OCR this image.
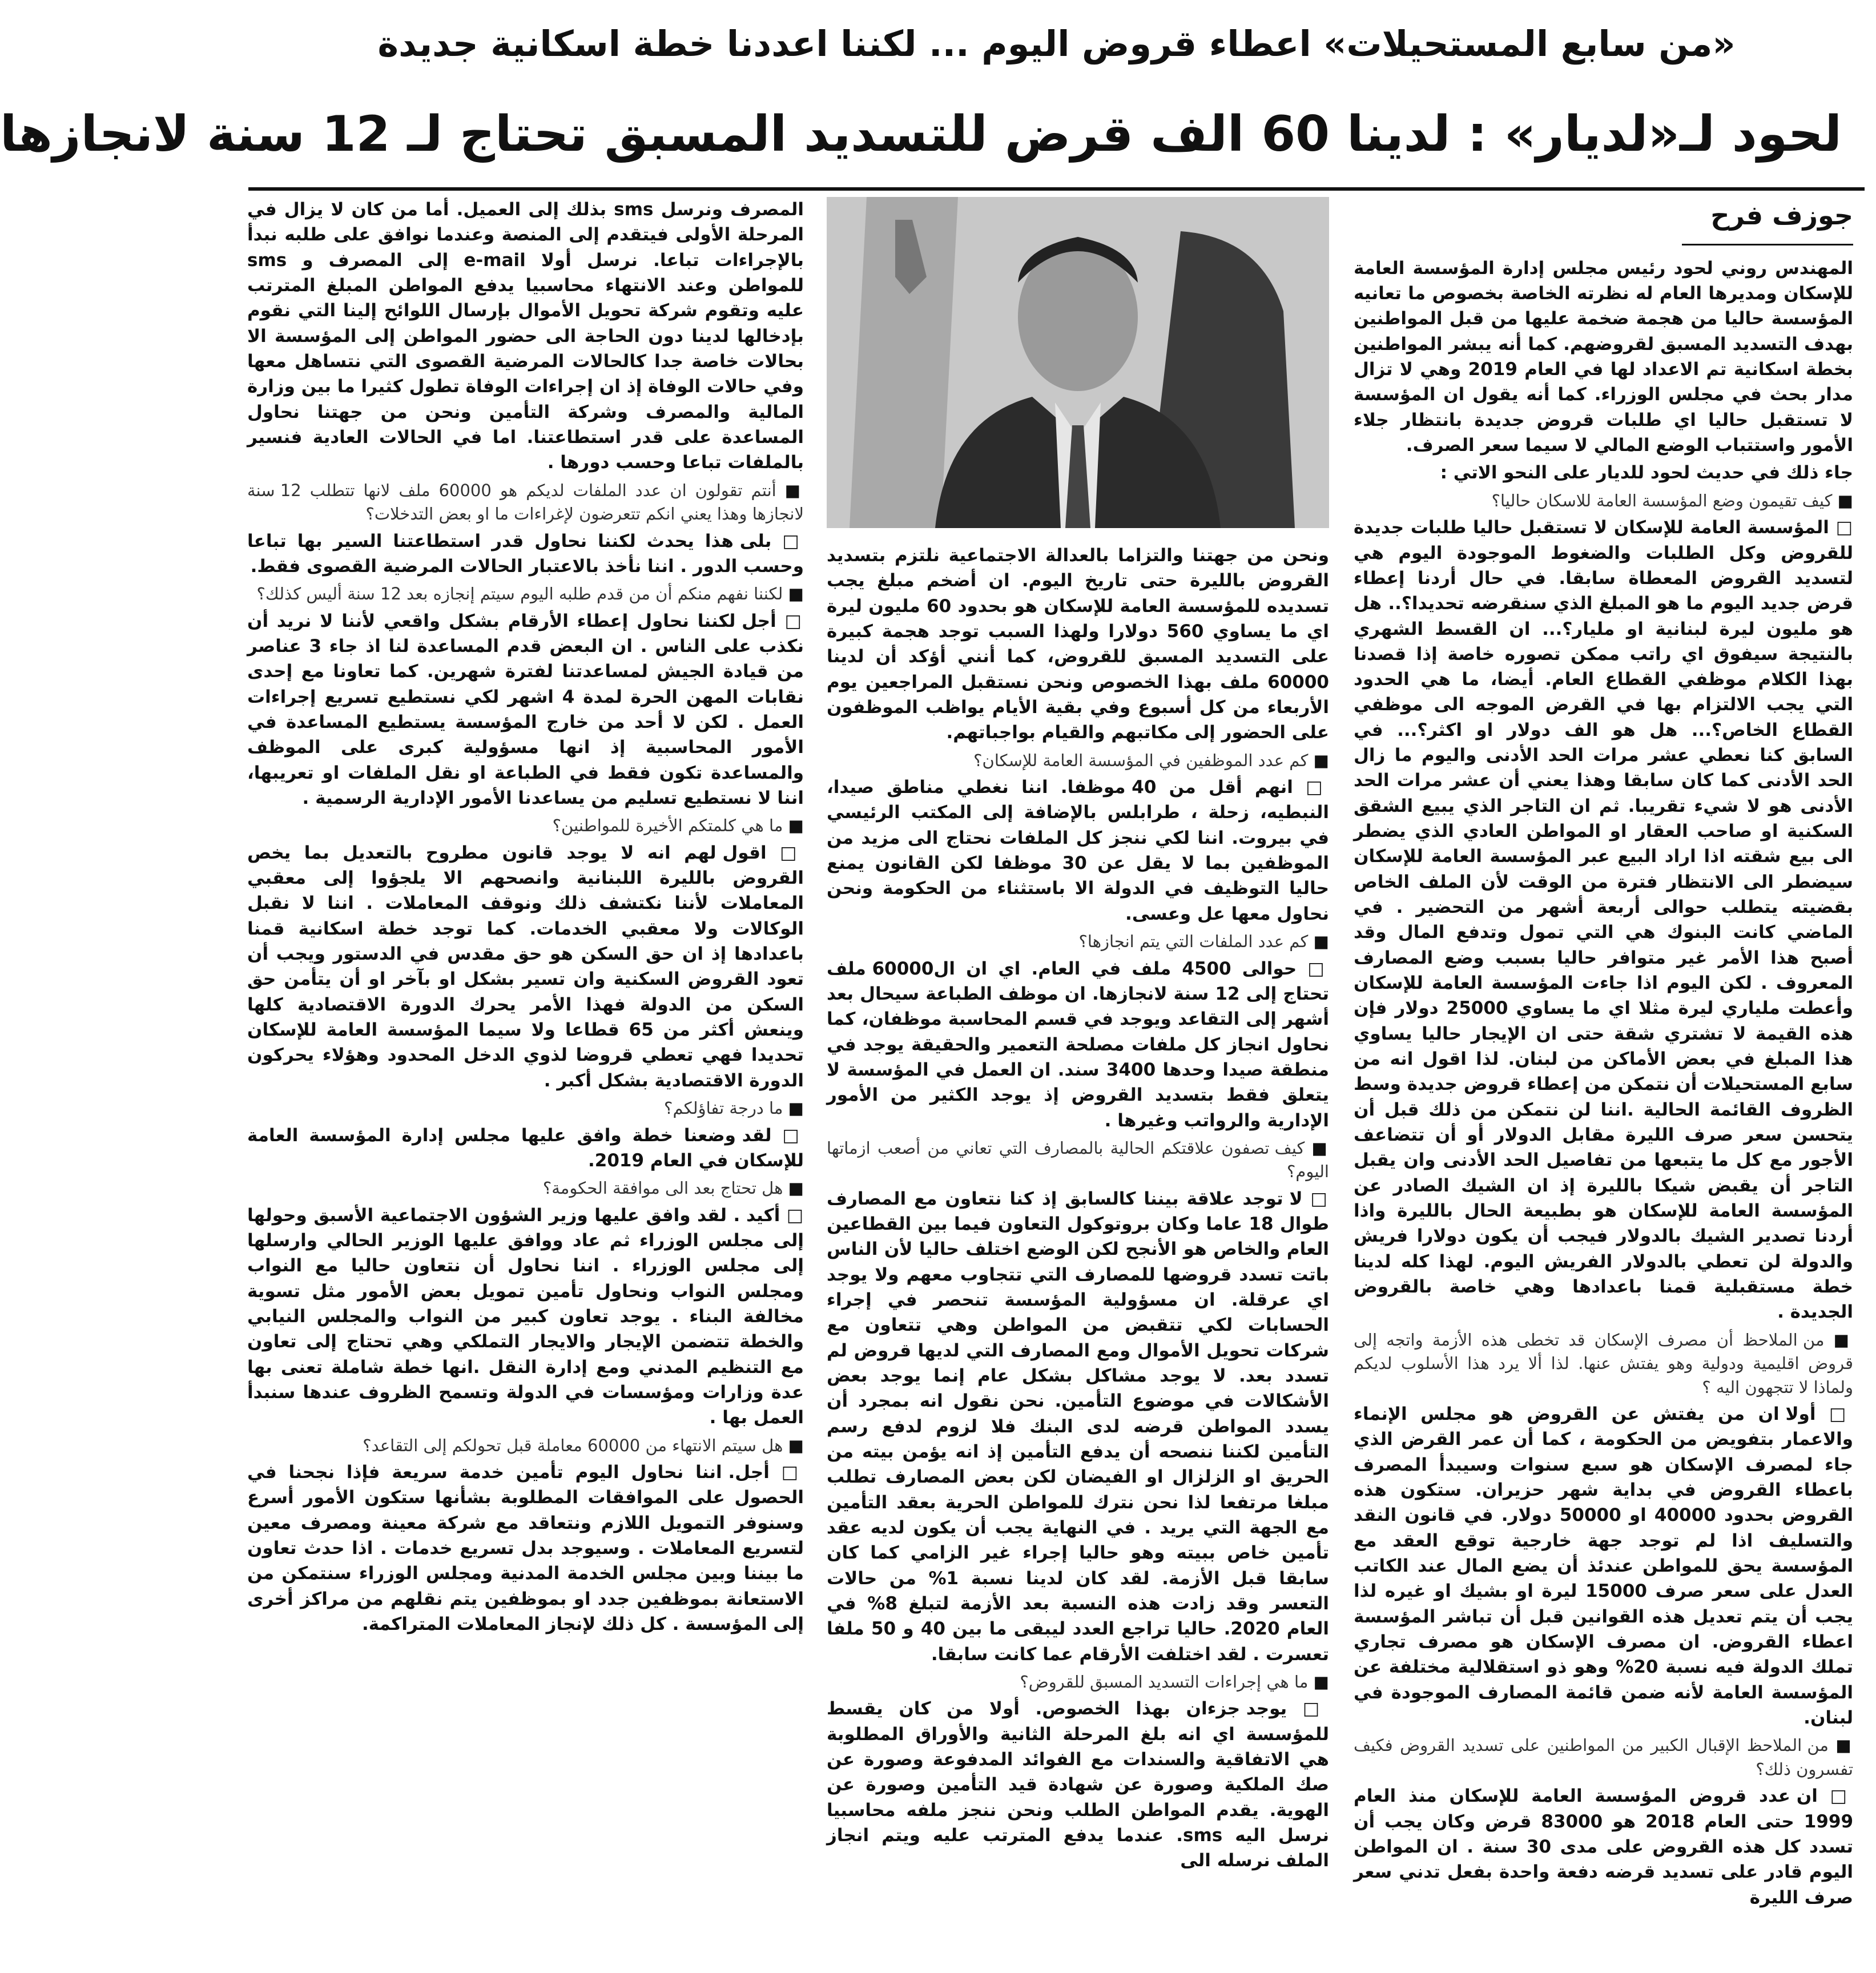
«من سابع المستحيلات» اعطاء قروض اليوم ... لكننا اعددنا خطة اسكانية جديدة
لحود لـ«لديار» : لدينا 60 الف قرض للتسديد المسبق تحتاج لـ 12 سنة لانجازها
جوزف فرح
المهندس روني لحود رئيس مجلس إدارة المؤسسة العامة للإسكان ومديرها العام له نظرته الخاصة بخصوص ما تعانيه المؤسسة حاليا من هجمة ضخمة عليها من قبل المواطنين بهدف التسديد المسبق لقروضهم. كما أنه يبشر المواطنين بخطة اسكانية تم الاعداد لها في العام 2019 وهي لا تزال مدار بحث في مجلس الوزراء. كما أنه يقول ان المؤسسة لا تستقبل حاليا اي طلبات قروض جديدة بانتظار جلاء الأمور واستتباب الوضع المالي لا سيما سعر الصرف.
جاء ذلك في حديث لحود للديار على النحو الاتي :
■ كيف تقيمون وضع المؤسسة العامة للاسكان حاليا؟
□ المؤسسة العامة للإسكان لا تستقبل حاليا طلبات جديدة للقروض وكل الطلبات والضغوط الموجودة اليوم هي لتسديد القروض المعطاة سابقا. في حال أردنا إعطاء قرض جديد اليوم ما هو المبلغ الذي سنقرضه تحديدا؟.. هل هو مليون ليرة لبنانية او مليار؟... ان القسط الشهري بالنتيجة سيفوق اي راتب ممكن تصوره خاصة إذا قصدنا بهذا الكلام موظفي القطاع العام. أيضا، ما هي الحدود التي يجب الالتزام بها في القرض الموجه الى موظفي القطاع الخاص؟... هل هو الف دولار او اكثر؟... في السابق كنا نعطي عشر مرات الحد الأدنى واليوم ما زال الحد الأدنى كما كان سابقا وهذا يعني أن عشر مرات الحد الأدنى هو لا شيء تقريبا. ثم ان التاجر الذي يبيع الشقق السكنية او صاحب العقار او المواطن العادي الذي يضطر الى بيع شقته اذا اراد البيع عبر المؤسسة العامة للإسكان سيضطر الى الانتظار فترة من الوقت لأن الملف الخاص بقضيته يتطلب حوالى أربعة أشهر من التحضير . في الماضي كانت البنوك هي التي تمول وتدفع المال وقد أصبح هذا الأمر غير متوافر حاليا بسبب وضع المصارف المعروف . لكن اليوم اذا جاءت المؤسسة العامة للإسكان وأعطت ملياري ليرة مثلا اي ما يساوي 25000 دولار فإن هذه القيمة لا تشتري شقة حتى ان الإيجار حاليا يساوي هذا المبلغ في بعض الأماكن من لبنان. لذا اقول انه من سابع المستحيلات أن نتمكن من إعطاء قروض جديدة وسط الظروف القائمة الحالية .اننا لن نتمكن من ذلك قبل أن يتحسن سعر صرف الليرة مقابل الدولار أو أن تتضاعف الأجور مع كل ما يتبعها من تفاصيل الحد الأدنى وان يقبل التاجر أن يقبض شيكا بالليرة إذ ان الشيك الصادر عن المؤسسة العامة للإسكان هو بطبيعة الحال بالليرة واذا أردنا تصدير الشيك بالدولار فيجب أن يكون دولارا فريش والدولة لن تعطي بالدولار الفريش اليوم. لهذا كله لدينا خطة مستقبلية قمنا باعدادها وهي خاصة بالقروض الجديدة .
■ من الملاحظ أن مصرف الإسكان قد تخطى هذه الأزمة واتجه إلى قروض اقليمية ودولية وهو يفتش عنها. لذا ألا يرد هذا الأسلوب لديكم ولماذا لا تتجهون اليه ؟
□ أولا ان من يفتش عن القروض هو مجلس الإنماء والاعمار بتفويض من الحكومة ، كما أن عمر القرض الذي جاء لمصرف الإسكان هو سبع سنوات وسيبدأ المصرف باعطاء القروض في بداية شهر حزيران. ستكون هذه القروض بحدود 40000 او 50000 دولار. في قانون النقد والتسليف اذا لم توجد جهة خارجية توقع العقد مع المؤسسة يحق للمواطن عندئذ أن يضع المال عند الكاتب العدل على سعر صرف 15000 ليرة او بشيك او غيره لذا يجب أن يتم تعديل هذه القوانين قبل أن تباشر المؤسسة اعطاء القروض. ان مصرف الإسكان هو مصرف تجاري تملك الدولة فيه نسبة 20% وهو ذو استقلالية مختلفة عن المؤسسة العامة لأنه ضمن قائمة المصارف الموجودة في لبنان.
■ من الملاحظ الإقبال الكبير من المواطنين على تسديد القروض فكيف تفسرون ذلك؟
□ ان عدد قروض المؤسسة العامة للإسكان منذ العام 1999 حتى العام 2018 هو 83000 قرض وكان يجب أن تسدد كل هذه القروض على مدى 30 سنة . ان المواطن اليوم قادر على تسديد قرضه دفعة واحدة بفعل تدني سعر صرف الليرة
ونحن من جهتنا والتزاما بالعدالة الاجتماعية نلتزم بتسديد القروض بالليرة حتى تاريخ اليوم. ان أضخم مبلغ يجب تسديده للمؤسسة العامة للإسكان هو بحدود 60 مليون ليرة اي ما يساوي 560 دولارا ولهذا السبب توجد هجمة كبيرة على التسديد المسبق للقروض، كما أنني أؤكد أن لدينا 60000 ملف بهذا الخصوص ونحن نستقبل المراجعين يوم الأربعاء من كل أسبوع وفي بقية الأيام يواظب الموظفون على الحضور إلى مكاتبهم والقيام بواجباتهم.
■ كم عدد الموظفين في المؤسسة العامة للإسكان؟
□ انهم أقل من 40 موظفا. اننا نغطي مناطق صيدا، النبطيه، زحلة ، طرابلس بالإضافة إلى المكتب الرئيسي في بيروت. اننا لكي ننجز كل الملفات نحتاج الى مزيد من الموظفين بما لا يقل عن 30 موظفا لكن القانون يمنع حاليا التوظيف في الدولة الا باستثناء من الحكومة ونحن نحاول معها عل وعسى.
■ كم عدد الملفات التي يتم انجازها؟
□ حوالى 4500 ملف في العام. اي ان ال60000 ملف تحتاج إلى 12 سنة لانجازها. ان موظف الطباعة سيحال بعد أشهر إلى التقاعد ويوجد في قسم المحاسبة موظفان، كما نحاول انجاز كل ملفات مصلحة التعمير والحقيقة يوجد في منطقة صيدا وحدها 3400 سند. ان العمل في المؤسسة لا يتعلق فقط بتسديد القروض إذ يوجد الكثير من الأمور الإدارية والرواتب وغيرها .
■ كيف تصفون علاقتكم الحالية بالمصارف التي تعاني من أصعب ازماتها اليوم؟
□ لا توجد علاقة بيننا كالسابق إذ كنا نتعاون مع المصارف طوال 18 عاما وكان بروتوكول التعاون فيما بين القطاعين العام والخاص هو الأنجح لكن الوضع اختلف حاليا لأن الناس باتت تسدد قروضها للمصارف التي تتجاوب معهم ولا يوجد اي عرقلة. ان مسؤولية المؤسسة تنحصر في إجراء الحسابات لكي تتقبض من المواطن وهي تتعاون مع شركات تحويل الأموال ومع المصارف التي لديها قروض لم تسدد بعد. لا يوجد مشاكل بشكل عام إنما يوجد بعض الأشكالات في موضوع التأمين. نحن نقول انه بمجرد أن يسدد المواطن قرضه لدى البنك فلا لزوم لدفع رسم التأمين لكننا ننصحه أن يدفع التأمين إذ انه يؤمن بيته من الحريق او الزلزال او الفيضان لكن بعض المصارف تطلب مبلغا مرتفعا لذا نحن نترك للمواطن الحرية بعقد التأمين مع الجهة التي يريد . في النهاية يجب أن يكون لديه عقد تأمين خاص ببيته وهو حاليا إجراء غير الزامي كما كان سابقا قبل الأزمة. لقد كان لدينا نسبة 1% من حالات التعسر وقد زادت هذه النسبة بعد الأزمة لتبلغ 8% في العام 2020. حاليا تراجع العدد ليبقى ما بين 40 و 50 ملفا تعسرت . لقد اختلفت الأرقام عما كانت سابقا.
■ ما هي إجراءات التسديد المسبق للقروض؟
□ يوجد جزءان بهذا الخصوص. أولا من كان يقسط للمؤسسة اي انه بلغ المرحلة الثانية والأوراق المطلوبة هي الاتفاقية والسندات مع الفوائد المدفوعة وصورة عن صك الملكية وصورة عن شهادة قيد التأمين وصورة عن الهوية. يقدم المواطن الطلب ونحن ننجز ملفه محاسبيا نرسل اليه sms. عندما يدفع المترتب عليه ويتم انجاز الملف نرسله الى
المصرف ونرسل sms بذلك إلى العميل. أما من كان لا يزال في المرحلة الأولى فيتقدم إلى المنصة وعندما نوافق على طلبه نبدأ بالإجراءات تباعا. نرسل أولا e-mail إلى المصرف و sms للمواطن وعند الانتهاء محاسبيا يدفع المواطن المبلغ المترتب عليه وتقوم شركة تحويل الأموال بإرسال اللوائح إلينا التي نقوم بإدخالها لدينا دون الحاجة الى حضور المواطن إلى المؤسسة الا بحالات خاصة جدا كالحالات المرضية القصوى التي نتساهل معها وفي حالات الوفاة إذ ان إجراءات الوفاة تطول كثيرا ما بين وزارة المالية والمصرف وشركة التأمين ونحن من جهتنا نحاول المساعدة على قدر استطاعتنا. اما في الحالات العادية فنسير بالملفات تباعا وحسب دورها .
■ أنتم تقولون ان عدد الملفات لديكم هو 60000 ملف لانها تتطلب 12 سنة لانجازها وهذا يعني انكم تتعرضون لإغراءات ما او بعض التدخلات؟
□ بلى هذا يحدث لكننا نحاول قدر استطاعتنا السير بها تباعا وحسب الدور . اننا نأخذ بالاعتبار الحالات المرضية القصوى فقط.
■ لكننا نفهم منكم أن من قدم طلبه اليوم سيتم إنجازه بعد 12 سنة أليس كذلك؟
□ أجل لكننا نحاول إعطاء الأرقام بشكل واقعي لأننا لا نريد أن نكذب على الناس . ان البعض قدم المساعدة لنا اذ جاء 3 عناصر من قيادة الجيش لمساعدتنا لفترة شهرين. كما تعاونا مع إحدى نقابات المهن الحرة لمدة 4 اشهر لكي نستطيع تسريع إجراءات العمل . لكن لا أحد من خارج المؤسسة يستطيع المساعدة في الأمور المحاسبية إذ انها مسؤولية كبرى على الموظف والمساعدة تكون فقط في الطباعة او نقل الملفات او تعريبها، اننا لا نستطيع تسليم من يساعدنا الأمور الإدارية الرسمية .
■ ما هي كلمتكم الأخيرة للمواطنين؟
□ اقول لهم انه لا يوجد قانون مطروح بالتعديل بما يخص القروض بالليرة اللبنانية وانصحهم الا يلجؤوا إلى معقبي المعاملات لأننا نكتشف ذلك ونوقف المعاملات . اننا لا نقبل الوكالات ولا معقبي الخدمات. كما توجد خطة اسكانية قمنا باعدادها إذ ان حق السكن هو حق مقدس في الدستور ويجب أن تعود القروض السكنية وان تسير بشكل او بآخر او أن يتأمن حق السكن من الدولة فهذا الأمر يحرك الدورة الاقتصادية كلها وينعش أكثر من 65 قطاعا ولا سيما المؤسسة العامة للإسكان تحديدا فهي تعطي قروضا لذوي الدخل المحدود وهؤلاء يحركون الدورة الاقتصادية بشكل أكبر .
■ ما درجة تفاؤلكم؟
□ لقد وضعنا خطة وافق عليها مجلس إدارة المؤسسة العامة للإسكان في العام 2019.
■ هل تحتاج بعد الى موافقة الحكومة؟
□ أكيد . لقد وافق عليها وزير الشؤون الاجتماعية الأسبق وحولها إلى مجلس الوزراء ثم عاد ووافق عليها الوزير الحالي وارسلها إلى مجلس الوزراء . اننا نحاول أن نتعاون حاليا مع النواب ومجلس النواب ونحاول تأمين تمويل بعض الأمور مثل تسوية مخالفة البناء . يوجد تعاون كبير من النواب والمجلس النيابي والخطة تتضمن الإيجار والايجار التملكي وهي تحتاج إلى تعاون مع التنظيم المدني ومع إدارة النقل .انها خطة شاملة تعنى بها عدة وزارات ومؤسسات في الدولة وتسمح الظروف عندها سنبدأ العمل بها .
■ هل سيتم الانتهاء من 60000 معاملة قبل تحولكم إلى التقاعد؟
□ أجل. اننا نحاول اليوم تأمين خدمة سريعة فإذا نجحنا في الحصول على الموافقات المطلوبة بشأنها ستكون الأمور أسرع وسنوفر التمويل اللازم ونتعاقد مع شركة معينة ومصرف معين لتسريع المعاملات . وسيوجد بدل تسريع خدمات . اذا حدث تعاون ما بيننا وبين مجلس الخدمة المدنية ومجلس الوزراء سنتمكن من الاستعانة بموظفين جدد او بموظفين يتم نقلهم من مراكز أخرى إلى المؤسسة . كل ذلك لإنجاز المعاملات المتراكمة.
